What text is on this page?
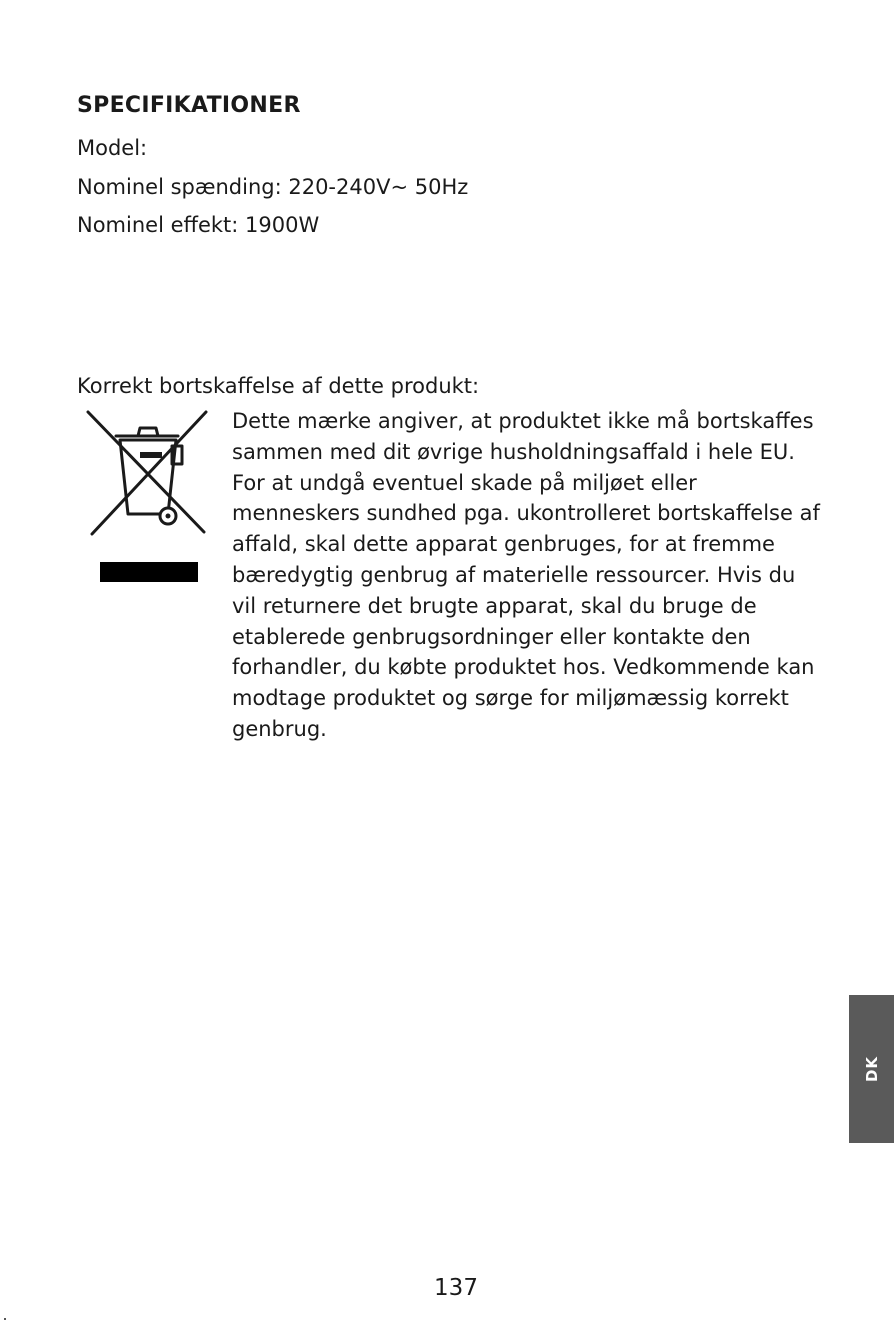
SPECIFIKATIONER

Model:

Nominel spænding: 220-240V~ 50Hz

Nominel effekt: 1900W

Korrekt bortskaffelse af dette produkt:

Dette mærke angiver, at produktet ikke må bortskaffes sammen med dit øvrige husholdningsaffald i hele EU. For at undgå eventuel skade på miljøet eller menneskers sundhed pga. ukontrolleret bortskaffelse af affald, skal dette apparat genbruges, for at fremme bæredygtig genbrug af materielle ressourcer. Hvis du vil returnere det brugte apparat, skal du bruge de etablerede genbrugsordninger eller kontakte den forhandler, du købte produktet hos. Vedkommende kan modtage produktet og sørge for miljømæssig korrekt genbrug.

DK
137
